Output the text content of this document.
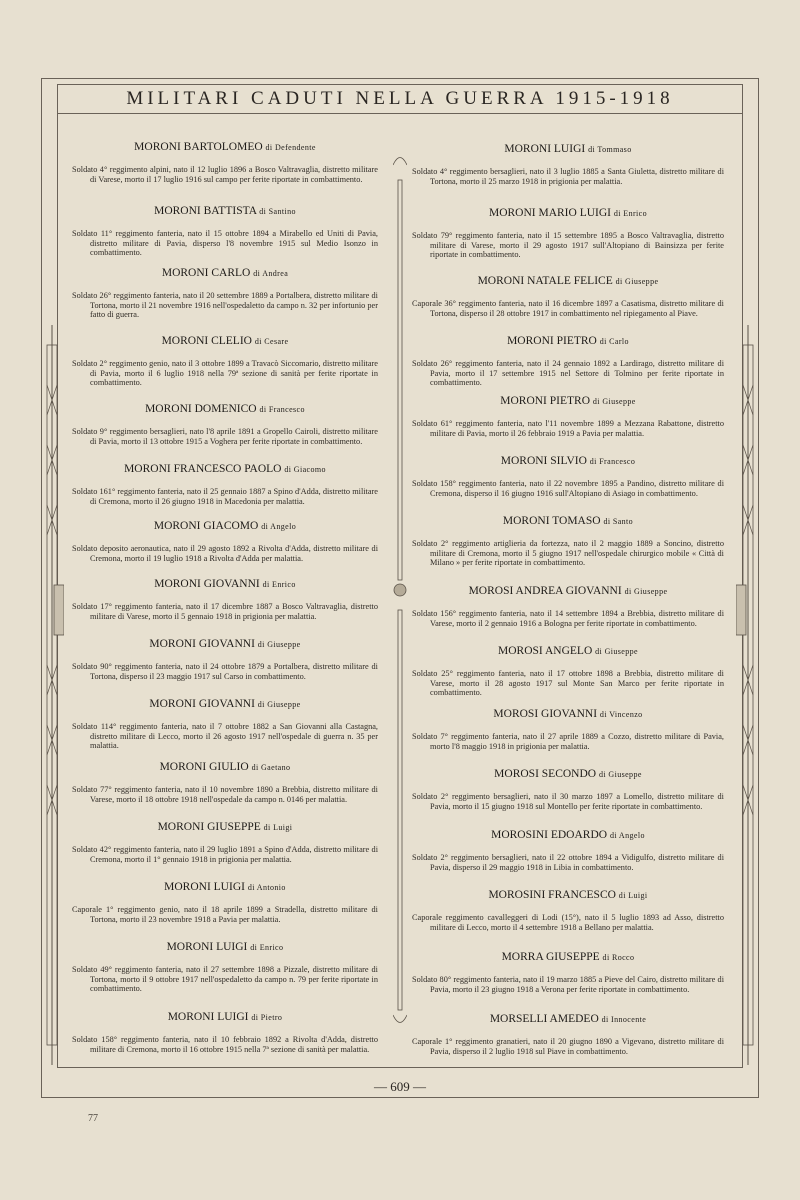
MILITARI CADUTI NELLA GUERRA 1915-1918

MORONI BARTOLOMEO di Defendente

Soldato 4° reggimento alpini, nato il 12 luglio 1896 a Bosco Valtravaglia, distretto militare di Varese, morto il 17 luglio 1916 sul campo per ferite riportate in combattimento.

MORONI BATTISTA di Santino

Soldato 11° reggimento fanteria, nato il 15 ottobre 1894 a Mirabello ed Uniti di Pavia, distretto militare di Pavia, disperso l'8 novembre 1915 sul Medio Isonzo in combattimento.

MORONI CARLO di Andrea

Soldato 26° reggimento fanteria, nato il 20 settembre 1889 a Portalbera, distretto militare di Tortona, morto il 21 novembre 1916 nell'ospedaletto da campo n. 32 per infortunio per fatto di guerra.

MORONI CLELIO di Cesare

Soldato 2° reggimento genio, nato il 3 ottobre 1899 a Travacò Siccomario, distretto militare di Pavia, morto il 6 luglio 1918 nella 79ª sezione di sanità per ferite riportate in combattimento.

MORONI DOMENICO di Francesco

Soldato 9° reggimento bersaglieri, nato l'8 aprile 1891 a Gropello Cairoli, distretto militare di Pavia, morto il 13 ottobre 1915 a Voghera per ferite riportate in combattimento.

MORONI FRANCESCO PAOLO di Giacomo

Soldato 161° reggimento fanteria, nato il 25 gennaio 1887 a Spino d'Adda, distretto militare di Cremona, morto il 26 giugno 1918 in Macedonia per malattia.

MORONI GIACOMO di Angelo

Soldato deposito aeronautica, nato il 29 agosto 1892 a Rivolta d'Adda, distretto militare di Cremona, morto il 19 luglio 1918 a Rivolta d'Adda per malattia.

MORONI GIOVANNI di Enrico

Soldato 17° reggimento fanteria, nato il 17 dicembre 1887 a Bosco Valtravaglia, distretto militare di Varese, morto il 5 gennaio 1918 in prigionia per malattia.

MORONI GIOVANNI di Giuseppe

Soldato 90° reggimento fanteria, nato il 24 ottobre 1879 a Portalbera, distretto militare di Tortona, disperso il 23 maggio 1917 sul Carso in combattimento.

MORONI GIOVANNI di Giuseppe

Soldato 114° reggimento fanteria, nato il 7 ottobre 1882 a San Giovanni alla Castagna, distretto militare di Lecco, morto il 26 agosto 1917 nell'ospedale di guerra n. 35 per malattia.

MORONI GIULIO di Gaetano

Soldato 77° reggimento fanteria, nato il 10 novembre 1890 a Brebbia, distretto militare di Varese, morto il 18 ottobre 1918 nell'ospedale da campo n. 0146 per malattia.

MORONI GIUSEPPE di Luigi

Soldato 42° reggimento fanteria, nato il 29 luglio 1891 a Spino d'Adda, distretto militare di Cremona, morto il 1° gennaio 1918 in prigionia per malattia.

MORONI LUIGI di Antonio

Caporale 1° reggimento genio, nato il 18 aprile 1899 a Stradella, distretto militare di Tortona, morto il 23 novembre 1918 a Pavia per malattia.

MORONI LUIGI di Enrico

Soldato 49° reggimento fanteria, nato il 27 settembre 1898 a Pizzale, distretto militare di Tortona, morto il 9 ottobre 1917 nell'ospedaletto da campo n. 79 per ferite riportate in combattimento.

MORONI LUIGI di Pietro

Soldato 158° reggimento fanteria, nato il 10 febbraio 1892 a Rivolta d'Adda, distretto militare di Cremona, morto il 16 ottobre 1915 nella 7ª sezione di sanità per malattia.

MORONI LUIGI di Tommaso

Soldato 4° reggimento bersaglieri, nato il 3 luglio 1885 a Santa Giuletta, distretto militare di Tortona, morto il 25 marzo 1918 in prigionia per malattia.

MORONI MARIO LUIGI di Enrico

Soldato 79° reggimento fanteria, nato il 15 settembre 1895 a Bosco Valtravaglia, distretto militare di Varese, morto il 29 agosto 1917 sull'Altopiano di Bainsizza per ferite riportate in combattimento.

MORONI NATALE FELICE di Giuseppe

Caporale 36° reggimento fanteria, nato il 16 dicembre 1897 a Casatisma, distretto militare di Tortona, disperso il 28 ottobre 1917 in combattimento nel ripiegamento al Piave.

MORONI PIETRO di Carlo

Soldato 26° reggimento fanteria, nato il 24 gennaio 1892 a Lardirago, distretto militare di Pavia, morto il 17 settembre 1915 nel Settore di Tolmino per ferite riportate in combattimento.

MORONI PIETRO di Giuseppe

Soldato 61° reggimento fanteria, nato l'11 novembre 1899 a Mezzana Rabattone, distretto militare di Pavia, morto il 26 febbraio 1919 a Pavia per malattia.

MORONI SILVIO di Francesco

Soldato 158° reggimento fanteria, nato il 22 novembre 1895 a Pandino, distretto militare di Cremona, disperso il 16 giugno 1916 sull'Altopiano di Asiago in combattimento.

MORONI TOMASO di Santo

Soldato 2° reggimento artiglieria da fortezza, nato il 2 maggio 1889 a Soncino, distretto militare di Cremona, morto il 5 giugno 1917 nell'ospedale chirurgico mobile « Città di Milano » per ferite riportate in combattimento.

MOROSI ANDREA GIOVANNI di Giuseppe

Soldato 156° reggimento fanteria, nato il 14 settembre 1894 a Brebbia, distretto militare di Varese, morto il 2 gennaio 1916 a Bologna per ferite riportate in combattimento.

MOROSI ANGELO di Giuseppe

Soldato 25° reggimento fanteria, nato il 17 ottobre 1898 a Brebbia, distretto militare di Varese, morto il 28 agosto 1917 sul Monte San Marco per ferite riportate in combattimento.

MOROSI GIOVANNI di Vincenzo

Soldato 7° reggimento fanteria, nato il 27 aprile 1889 a Cozzo, distretto militare di Pavia, morto l'8 maggio 1918 in prigionia per malattia.

MOROSI SECONDO di Giuseppe

Soldato 2° reggimento bersaglieri, nato il 30 marzo 1897 a Lomello, distretto militare di Pavia, morto il 15 giugno 1918 sul Montello per ferite riportate in combattimento.

MOROSINI EDOARDO di Angelo

Soldato 2° reggimento bersaglieri, nato il 22 ottobre 1894 a Vidigulfo, distretto militare di Pavia, disperso il 29 maggio 1918 in Libia in combattimento.

MOROSINI FRANCESCO di Luigi

Caporale reggimento cavalleggeri di Lodi (15°), nato il 5 luglio 1893 ad Asso, distretto militare di Lecco, morto il 4 settembre 1918 a Bellano per malattia.

MORRA GIUSEPPE di Rocco

Soldato 80° reggimento fanteria, nato il 19 marzo 1885 a Pieve del Cairo, distretto militare di Pavia, morto il 23 giugno 1918 a Verona per ferite riportate in combattimento.

MORSELLI AMEDEO di Innocente

Caporale 1° reggimento granatieri, nato il 20 giugno 1890 a Vigevano, distretto militare di Pavia, disperso il 2 luglio 1918 sul Piave in combattimento.

— 609 —
77
